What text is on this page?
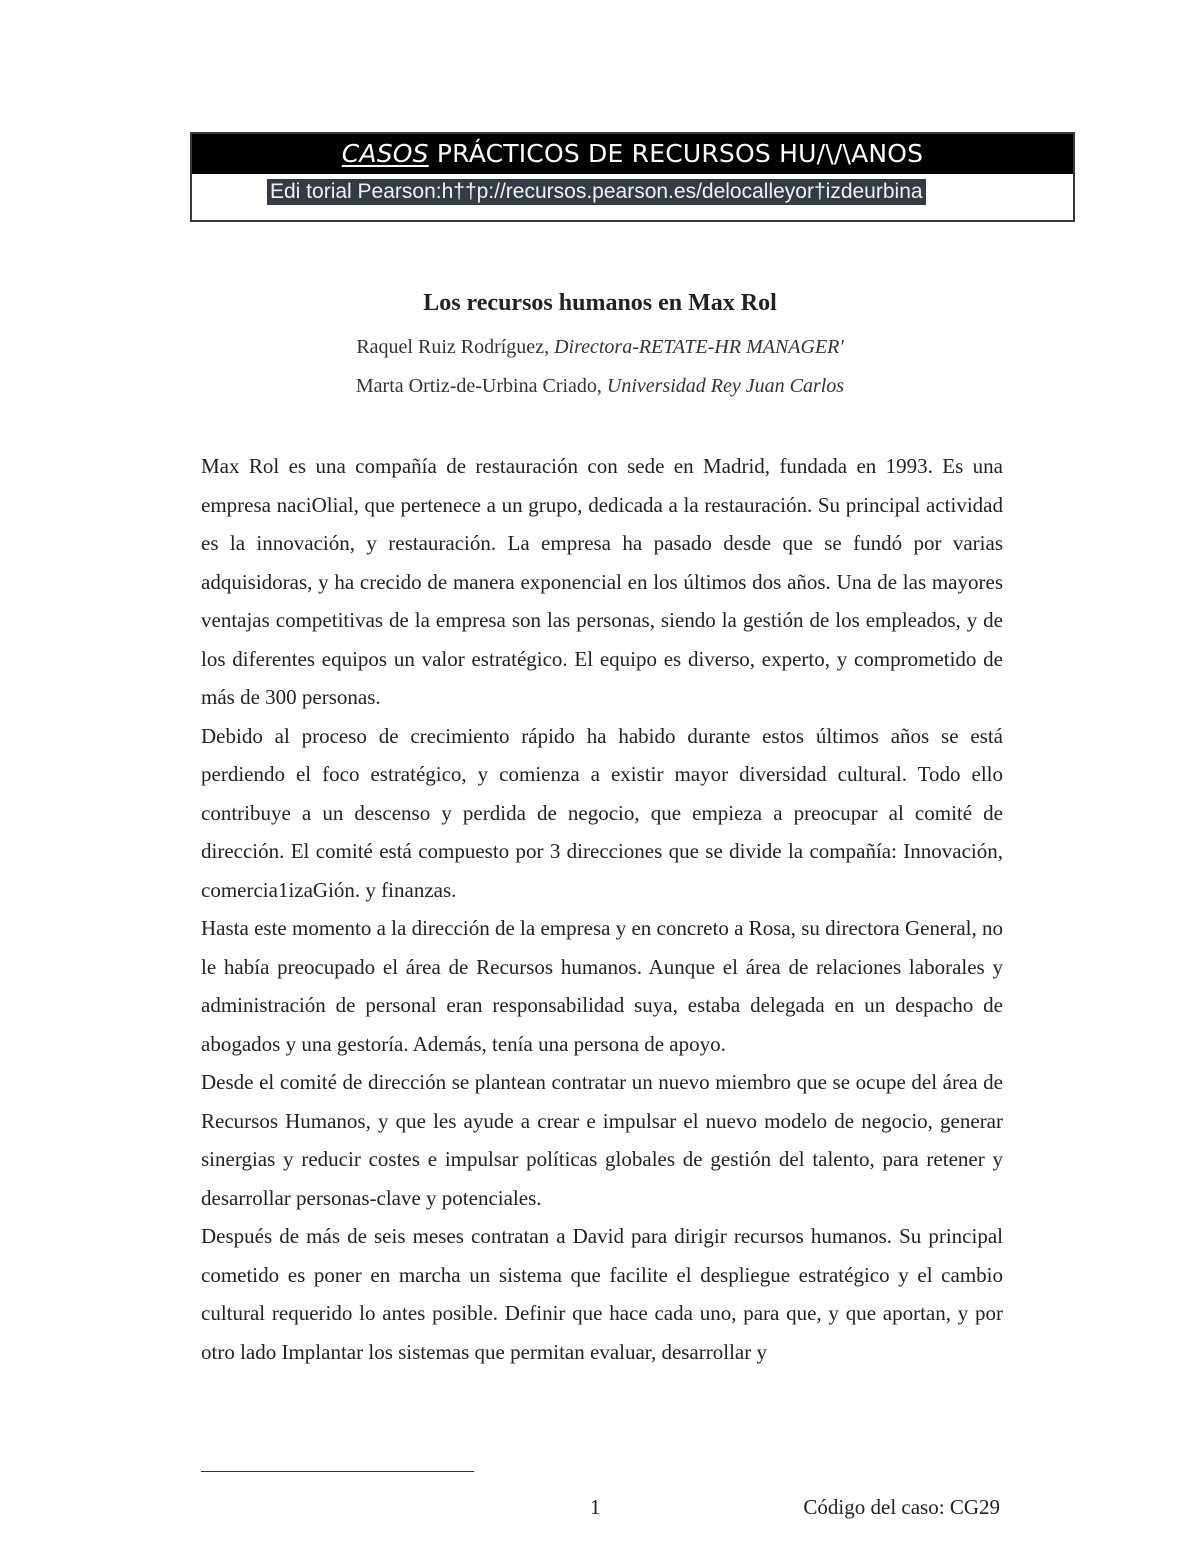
CASOS PRÁCTICOS DE RECURSOS HU/\/\ANOS
Edi torial Pearson:h††p://recursos.pearson.es/delocalleyor†izdeurbina
Los recursos humanos en Max Rol
Raquel Ruiz Rodríguez, Directora-RETATE-HR MANAGER'
Marta Ortiz-de-Urbina Criado, Universidad Rey Juan Carlos

Max Rol es una compañía de restauración con sede en Madrid, fundada en 1993. Es una empresa naciOlial, que pertenece a un grupo, dedicada a la restauración. Su principal actividad es la innovación, y restauración. La empresa ha pasado desde que se fundó por varias adquisidoras, y ha crecido de manera exponencial en los últimos dos años. Una de las mayores ventajas competitivas de la empresa son las personas, siendo la gestión de los empleados, y de los diferentes equipos un valor estratégico. El equipo es diverso, experto, y comprometido de más de 300 personas.

Debido al proceso de crecimiento rápido ha habido durante estos últimos años se está perdiendo el foco estratégico, y comienza a existir mayor diversidad cultural. Todo ello contribuye a un descenso y perdida de negocio, que empieza a preocupar al comité de dirección. El comité está compuesto por 3 direcciones que se divide la compañía: Innovación, comercia1izaGión. y finanzas.

Hasta este momento a la dirección de la empresa y en concreto a Rosa, su directora General, no le había preocupado el área de Recursos humanos. Aunque el área de relaciones laborales y administración de personal eran responsabilidad suya, estaba delegada en un despacho de abogados y una gestoría. Además, tenía una persona de apoyo.

Desde el comité de dirección se plantean contratar un nuevo miembro que se ocupe del área de Recursos Humanos, y que les ayude a crear e impulsar el nuevo modelo de negocio, generar sinergias y reducir costes e impulsar políticas globales de gestión del talento, para retener y desarrollar personas-clave y potenciales.

Después de más de seis meses contratan a David para dirigir recursos humanos. Su principal cometido es poner en marcha un sistema que facilite el despliegue estratégico y el cambio cultural requerido lo antes posible. Definir que hace cada uno, para que, y que aportan, y por otro lado Implantar los sistemas que permitan evaluar, desarrollar y

1	Código del caso: CG29
